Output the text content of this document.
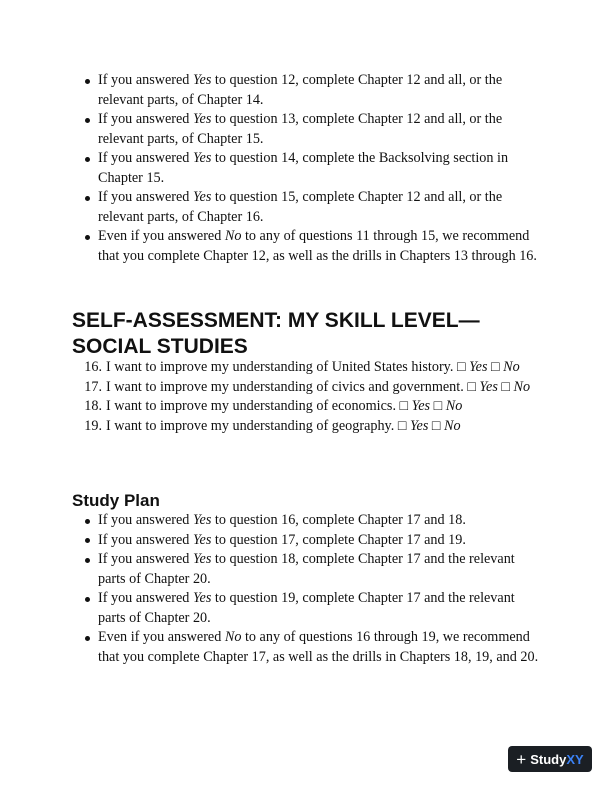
If you answered Yes to question 12, complete Chapter 12 and all, or the relevant parts, of Chapter 14.
If you answered Yes to question 13, complete Chapter 12 and all, or the relevant parts, of Chapter 15.
If you answered Yes to question 14, complete the Backsolving section in Chapter 15.
If you answered Yes to question 15, complete Chapter 12 and all, or the relevant parts, of Chapter 16.
Even if you answered No to any of questions 11 through 15, we recommend that you complete Chapter 12, as well as the drills in Chapters 13 through 16.
SELF-ASSESSMENT: MY SKILL LEVEL—SOCIAL STUDIES
16. I want to improve my understanding of United States history. □ Yes □ No
17. I want to improve my understanding of civics and government. □ Yes □ No
18. I want to improve my understanding of economics. □ Yes □ No
19. I want to improve my understanding of geography. □ Yes □ No
Study Plan
If you answered Yes to question 16, complete Chapter 17 and 18.
If you answered Yes to question 17, complete Chapter 17 and 19.
If you answered Yes to question 18, complete Chapter 17 and the relevant parts of Chapter 20.
If you answered Yes to question 19, complete Chapter 17 and the relevant parts of Chapter 20.
Even if you answered No to any of questions 16 through 19, we recommend that you complete Chapter 17, as well as the drills in Chapters 18, 19, and 20.
+ Study XY
